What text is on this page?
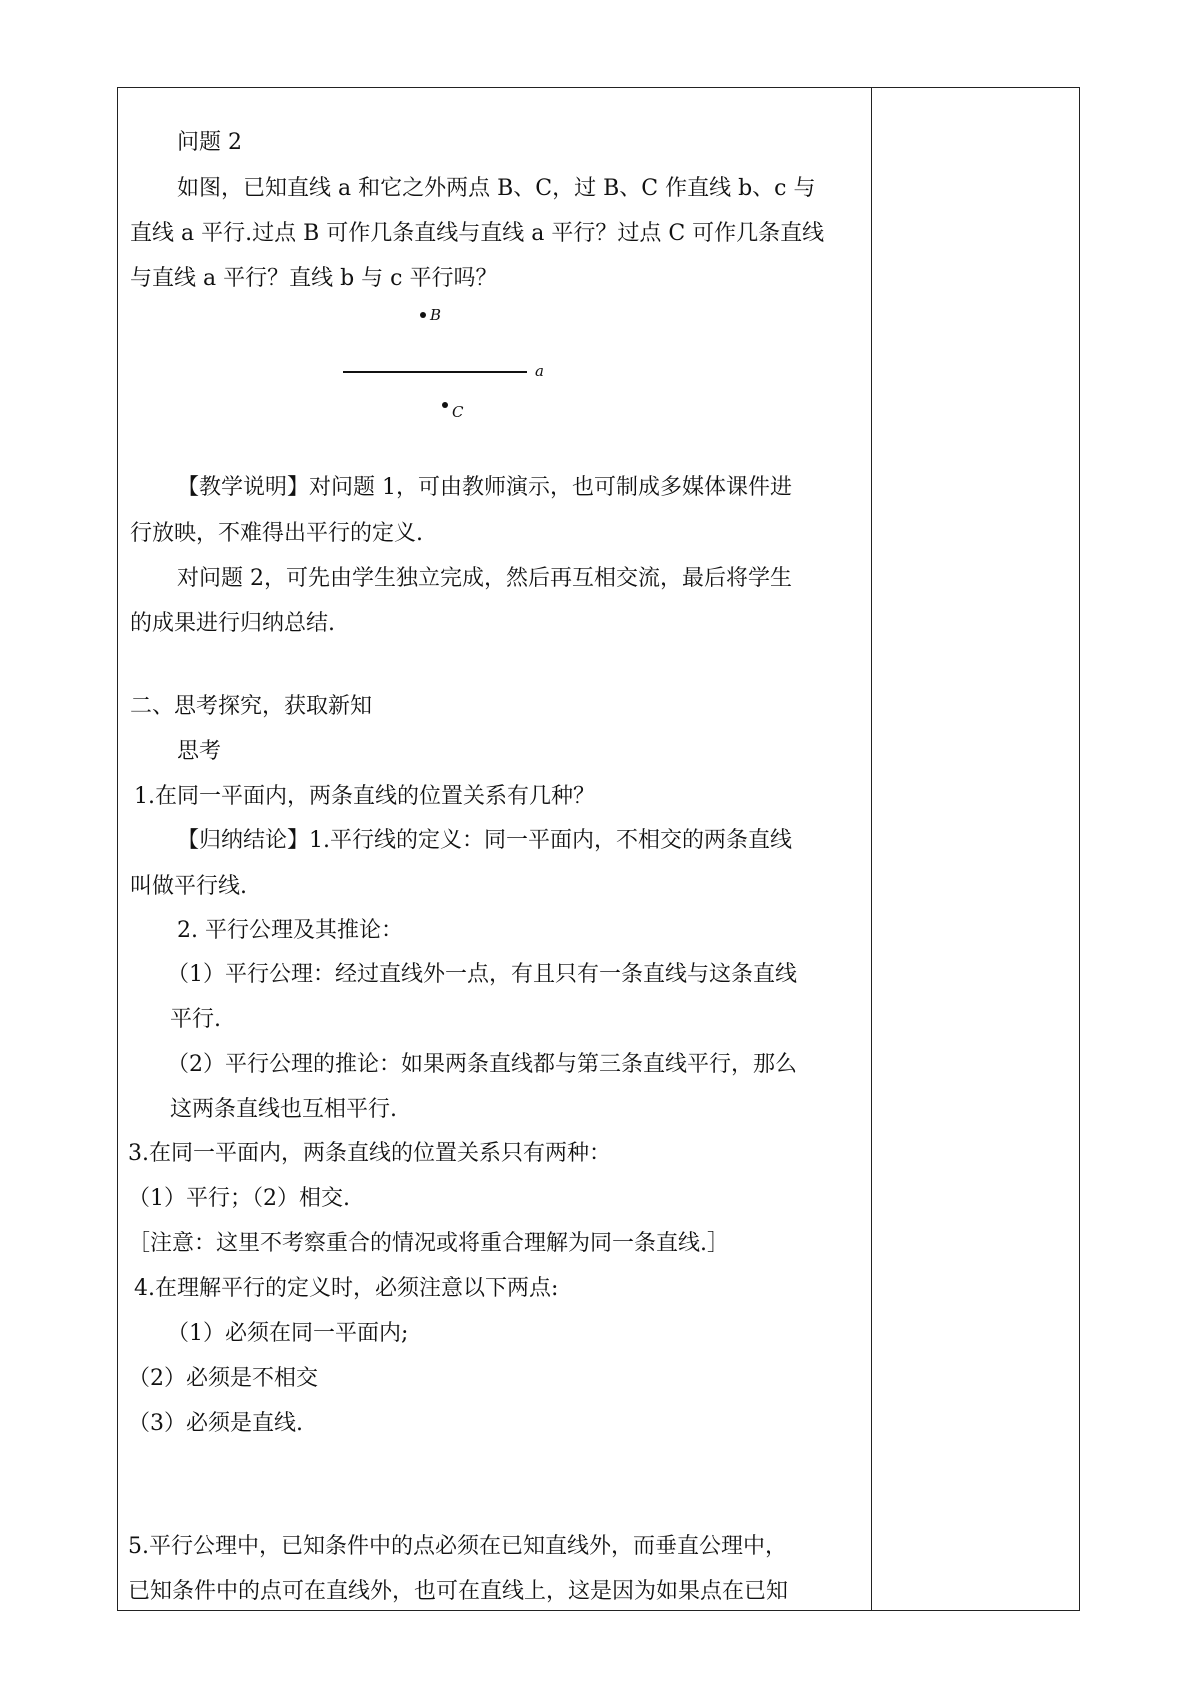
问题 2
如图，已知直线 a 和它之外两点 B、C，过 B、C 作直线 b、c 与
直线 a 平行.过点 B 可作几条直线与直线 a 平行？过点 C 可作几条直线
与直线 a 平行？直线 b 与 c 平行吗？
B
a
C
【教学说明】对问题 1，可由教师演示，也可制成多媒体课件进
行放映，不难得出平行的定义.
对问题 2，可先由学生独立完成，然后再互相交流，最后将学生
的成果进行归纳总结.
二、思考探究，获取新知
思考
1.在同一平面内，两条直线的位置关系有几种？
【归纳结论】1.平行线的定义：同一平面内，不相交的两条直线
叫做平行线.
2. 平行公理及其推论：
（1）平行公理：经过直线外一点，有且只有一条直线与这条直线
平行.
（2）平行公理的推论：如果两条直线都与第三条直线平行，那么
这两条直线也互相平行.
3.在同一平面内，两条直线的位置关系只有两种：
（1）平行；（2）相交.
［注意：这里不考察重合的情况或将重合理解为同一条直线.］
4.在理解平行的定义时，必须注意以下两点:
（1）必须在同一平面内;
（2）必须是不相交
（3）必须是直线.
5.平行公理中，已知条件中的点必须在已知直线外，而垂直公理中，
已知条件中的点可在直线外，也可在直线上，这是因为如果点在已知
